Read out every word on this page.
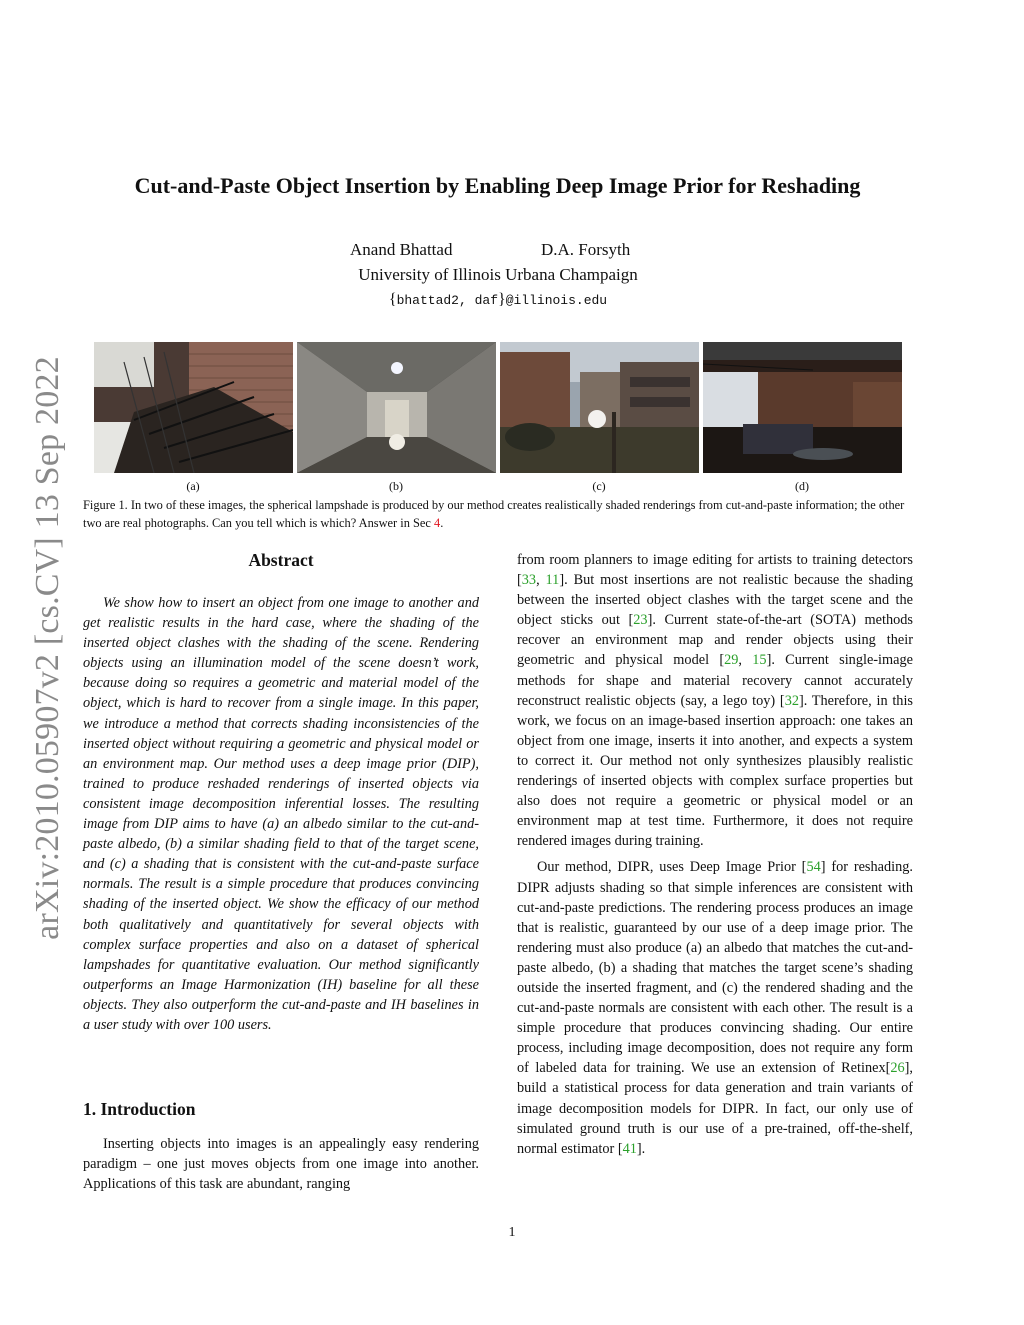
arXiv:2010.05907v2 [cs.CV] 13 Sep 2022
Cut-and-Paste Object Insertion by Enabling Deep Image Prior for Reshading
Anand Bhattad	D.A. Forsyth
University of Illinois Urbana Champaign
{bhattad2, daf}@illinois.edu
(a)	(b)	(c)	(d)
Figure 1. In two of these images, the spherical lampshade is produced by our method creates realistically shaded renderings from cut-and-paste information; the other two are real photographs. Can you tell which is which? Answer in Sec 4.
Abstract
We show how to insert an object from one image to another and get realistic results in the hard case, where the shading of the inserted object clashes with the shading of the scene. Rendering objects using an illumination model of the scene doesn’t work, because doing so requires a geometric and material model of the object, which is hard to recover from a single image. In this paper, we introduce a method that corrects shading inconsistencies of the inserted object without requiring a geometric and physical model or an environment map. Our method uses a deep image prior (DIP), trained to produce reshaded renderings of inserted objects via consistent image decomposition inferential losses. The resulting image from DIP aims to have (a) an albedo similar to the cut-and-paste albedo, (b) a similar shading field to that of the target scene, and (c) a shading that is consistent with the cut-and-paste surface normals. The result is a simple procedure that produces convincing shading of the inserted object. We show the efficacy of our method both qualitatively and quantitatively for several objects with complex surface properties and also on a dataset of spherical lampshades for quantitative evaluation. Our method significantly outperforms an Image Harmonization (IH) baseline for all these objects. They also outperform the cut-and-paste and IH baselines in a user study with over 100 users.
1. Introduction
Inserting objects into images is an appealingly easy rendering paradigm – one just moves objects from one image into another. Applications of this task are abundant, ranging

from room planners to image editing for artists to training detectors [33, 11]. But most insertions are not realistic because the shading between the inserted object clashes with the target scene and the object sticks out [23]. Current state-of-the-art (SOTA) methods recover an environment map and render objects using their geometric and physical model [29, 15]. Current single-image methods for shape and material recovery cannot accurately reconstruct realistic objects (say, a lego toy) [32]. Therefore, in this work, we focus on an image-based insertion approach: one takes an object from one image, inserts it into another, and expects a system to correct it. Our method not only synthesizes plausibly realistic renderings of inserted objects with complex surface properties but also does not require a geometric or physical model or an environment map at test time. Furthermore, it does not require rendered images during training.

Our method, DIPR, uses Deep Image Prior [54] for reshading. DIPR adjusts shading so that simple inferences are consistent with cut-and-paste predictions. The rendering process produces an image that is realistic, guaranteed by our use of a deep image prior. The rendering must also produce (a) an albedo that matches the cut-and-paste albedo, (b) a shading that matches the target scene’s shading outside the inserted fragment, and (c) the rendered shading and the cut-and-paste normals are consistent with each other. The result is a simple procedure that produces convincing shading. Our entire process, including image decomposition, does not require any form of labeled data for training. We use an extension of Retinex[26], build a statistical process for data generation and train variants of image decomposition models for DIPR. In fact, our only use of simulated ground truth is our use of a pre-trained, off-the-shelf, normal estimator [41].

1
